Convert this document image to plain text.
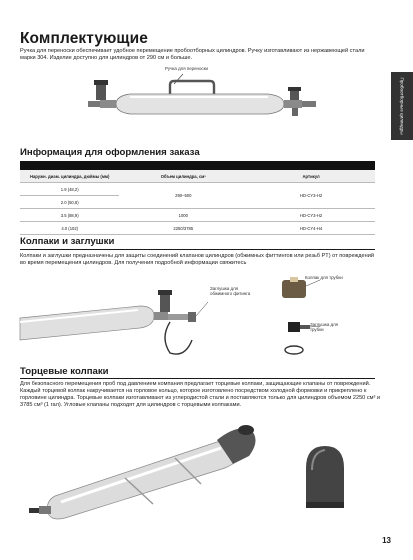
Комплектующие
Ручка для переноски обеспечивает удобное перемещение пробоотборных цилиндров. Ручку изготавливают из нержавеющей стали марки 304. Изделие доступно для цилиндров от 290 см и больше.
Пробоотборные цилиндры
Ручка для переноски
Информация для оформления заказа
Наружн. диам. цилиндра, дюймы (мм)	Объем цилиндра, см³	Артикул
1.9 (48,2)	290–500	HD-CY3-H2
2.0 (50,8)		
3.5 (88,9)	1000	HD-CY3-H2
4.0 (102)	2250/3785	HD-CY4-H4
Колпаки и заглушки
Колпаки и заглушки предназначены для защиты соединений клапанов цилиндров (обжимных фиттингов или резьб PT) от повреждений во время перемещения цилиндров. Для получения подробной информации свяжитесь
Заглушка для обжимного фитинга
Колпак для трубки
Заглушка для трубки
Торцевые колпаки
Для безопасного перемещения проб под давлением компания предлагает торцевые колпаки, защищающие клапаны от повреждений. Каждый торцевой колпак накручивается на горловое кольцо, которое изготовлено посредством холодной формовки и прикреплено к горловине цилиндра. Торцевые колпаки изготавливают из углеродистой стали и поставляются только для цилиндров объемом 2250 см³ и 3785 см³ (1 гал). Угловые клапаны подходят для цилиндров с торцевыми колпаками.
13
